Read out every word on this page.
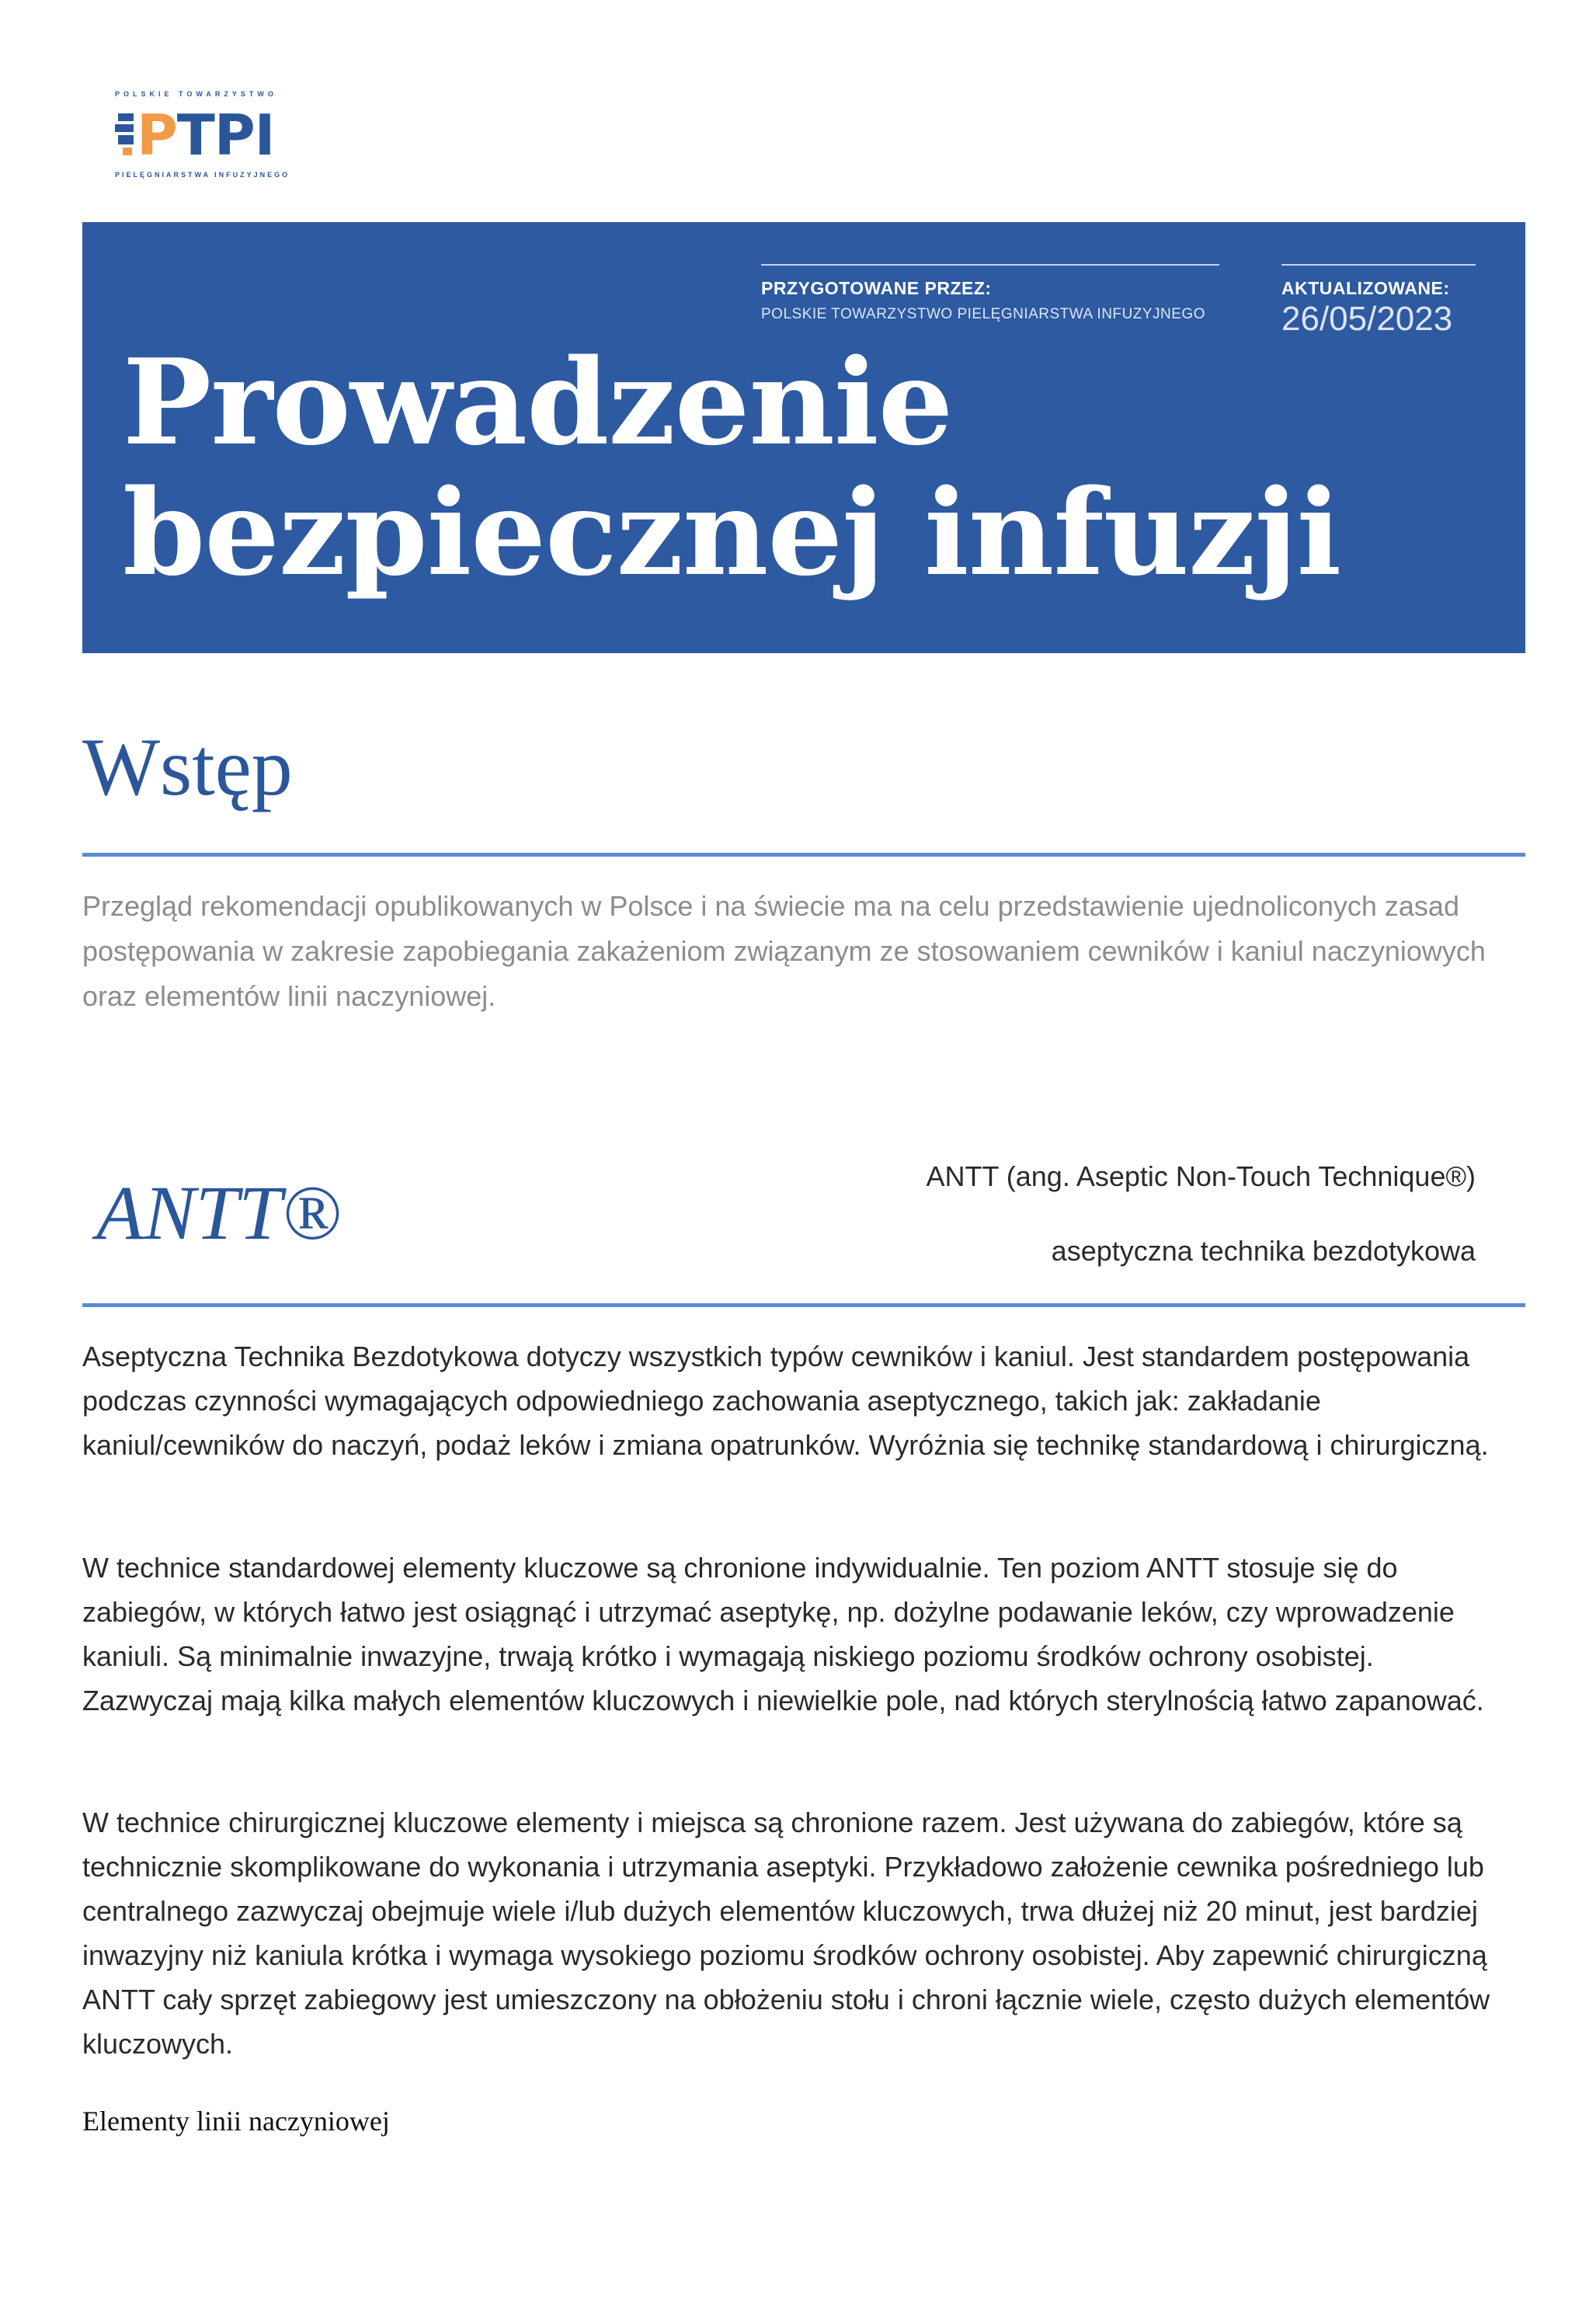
POLSKIE TOWARZYSTWO
PTPI
PIELĘGNIARSTWA INFUZYJNEGO
PRZYGOTOWANE PRZEZ:
POLSKIE TOWARZYSTWO PIELĘGNIARSTWA INFUZYJNEGO
AKTUALIZOWANE:
26/05/2023
Prowadzenie
bezpiecznej infuzji
Wstęp
Przegląd rekomendacji opublikowanych w Polsce i na świecie ma na celu przedstawienie ujednoliconych zasad postępowania w zakresie zapobiegania zakażeniom związanym ze stosowaniem cewników i kaniul naczyniowych oraz elementów linii naczyniowej.
ANTT®	ANTT (ang. Aseptic Non-Touch Technique®)
aseptyczna technika bezdotykowa
Aseptyczna Technika Bezdotykowa dotyczy wszystkich typów cewników i kaniul. Jest standardem postępowania podczas czynności wymagających odpowiedniego zachowania aseptycznego, takich jak: zakładanie kaniul/cewników do naczyń, podaż leków i zmiana opatrunków. Wyróżnia się technikę standardową i chirurgiczną.
W technice standardowej elementy kluczowe są chronione indywidualnie. Ten poziom ANTT stosuje się do zabiegów, w których łatwo jest osiągnąć i utrzymać aseptykę, np. dożylne podawanie leków, czy wprowadzenie kaniuli. Są minimalnie inwazyjne, trwają krótko i wymagają niskiego poziomu środków ochrony osobistej. Zazwyczaj mają kilka małych elementów kluczowych i niewielkie pole, nad których sterylnością łatwo zapanować.
W technice chirurgicznej kluczowe elementy i miejsca są chronione razem. Jest używana do zabiegów, które są technicznie skomplikowane do wykonania i utrzymania aseptyki. Przykładowo założenie cewnika pośredniego lub centralnego zazwyczaj obejmuje wiele i/lub dużych elementów kluczowych, trwa dłużej niż 20 minut, jest bardziej inwazyjny niż kaniula krótka i wymaga wysokiego poziomu środków ochrony osobistej. Aby zapewnić chirurgiczną ANTT cały sprzęt zabiegowy jest umieszczony na obłożeniu stołu i chroni łącznie wiele, często dużych elementów kluczowych.
Elementy linii naczyniowej
